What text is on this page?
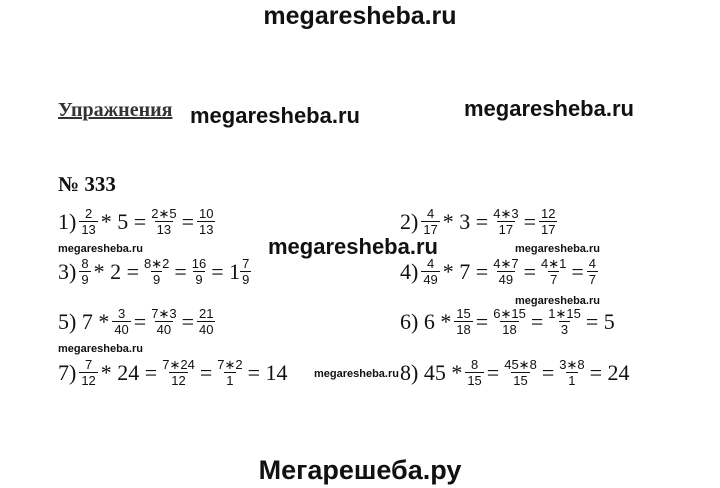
megaresheba.ru
Упражнения megaresheba.ru	megaresheba.ru
№ 333
$1) \frac{2}{13} * 5 = \frac{2∗5}{13} = \frac{10}{13}$	$2) \frac{4}{17} * 3 = \frac{4∗3}{17} = \frac{12}{17}$
megaresheba.ru	megaresheba.ru	megaresheba.ru
$3) \frac{8}{9} * 2 = \frac{8∗2}{9} = \frac{16}{9} = 1 \frac{7}{9}$	$4) \frac{4}{49} * 7 = \frac{4∗7}{49} = \frac{4∗1}{7} = \frac{4}{7}$
5) $7 * \frac{3}{40} = \frac{7∗3}{40} = \frac{21}{40}$	6) $6 * \frac{15}{18} = \frac{6∗15}{18} = \frac{1∗15}{3} = 5$
megaresheba.ru
$7) \frac{7}{12} * 24 = \frac{7∗24}{12} = \frac{7∗2}{1} = 14$ megaresheba.ru 8) $45 * \frac{8}{15} = \frac{45∗8}{15} = \frac{3∗8}{1} = 24$
megaresheba.ru
Мегарешеба.ру
